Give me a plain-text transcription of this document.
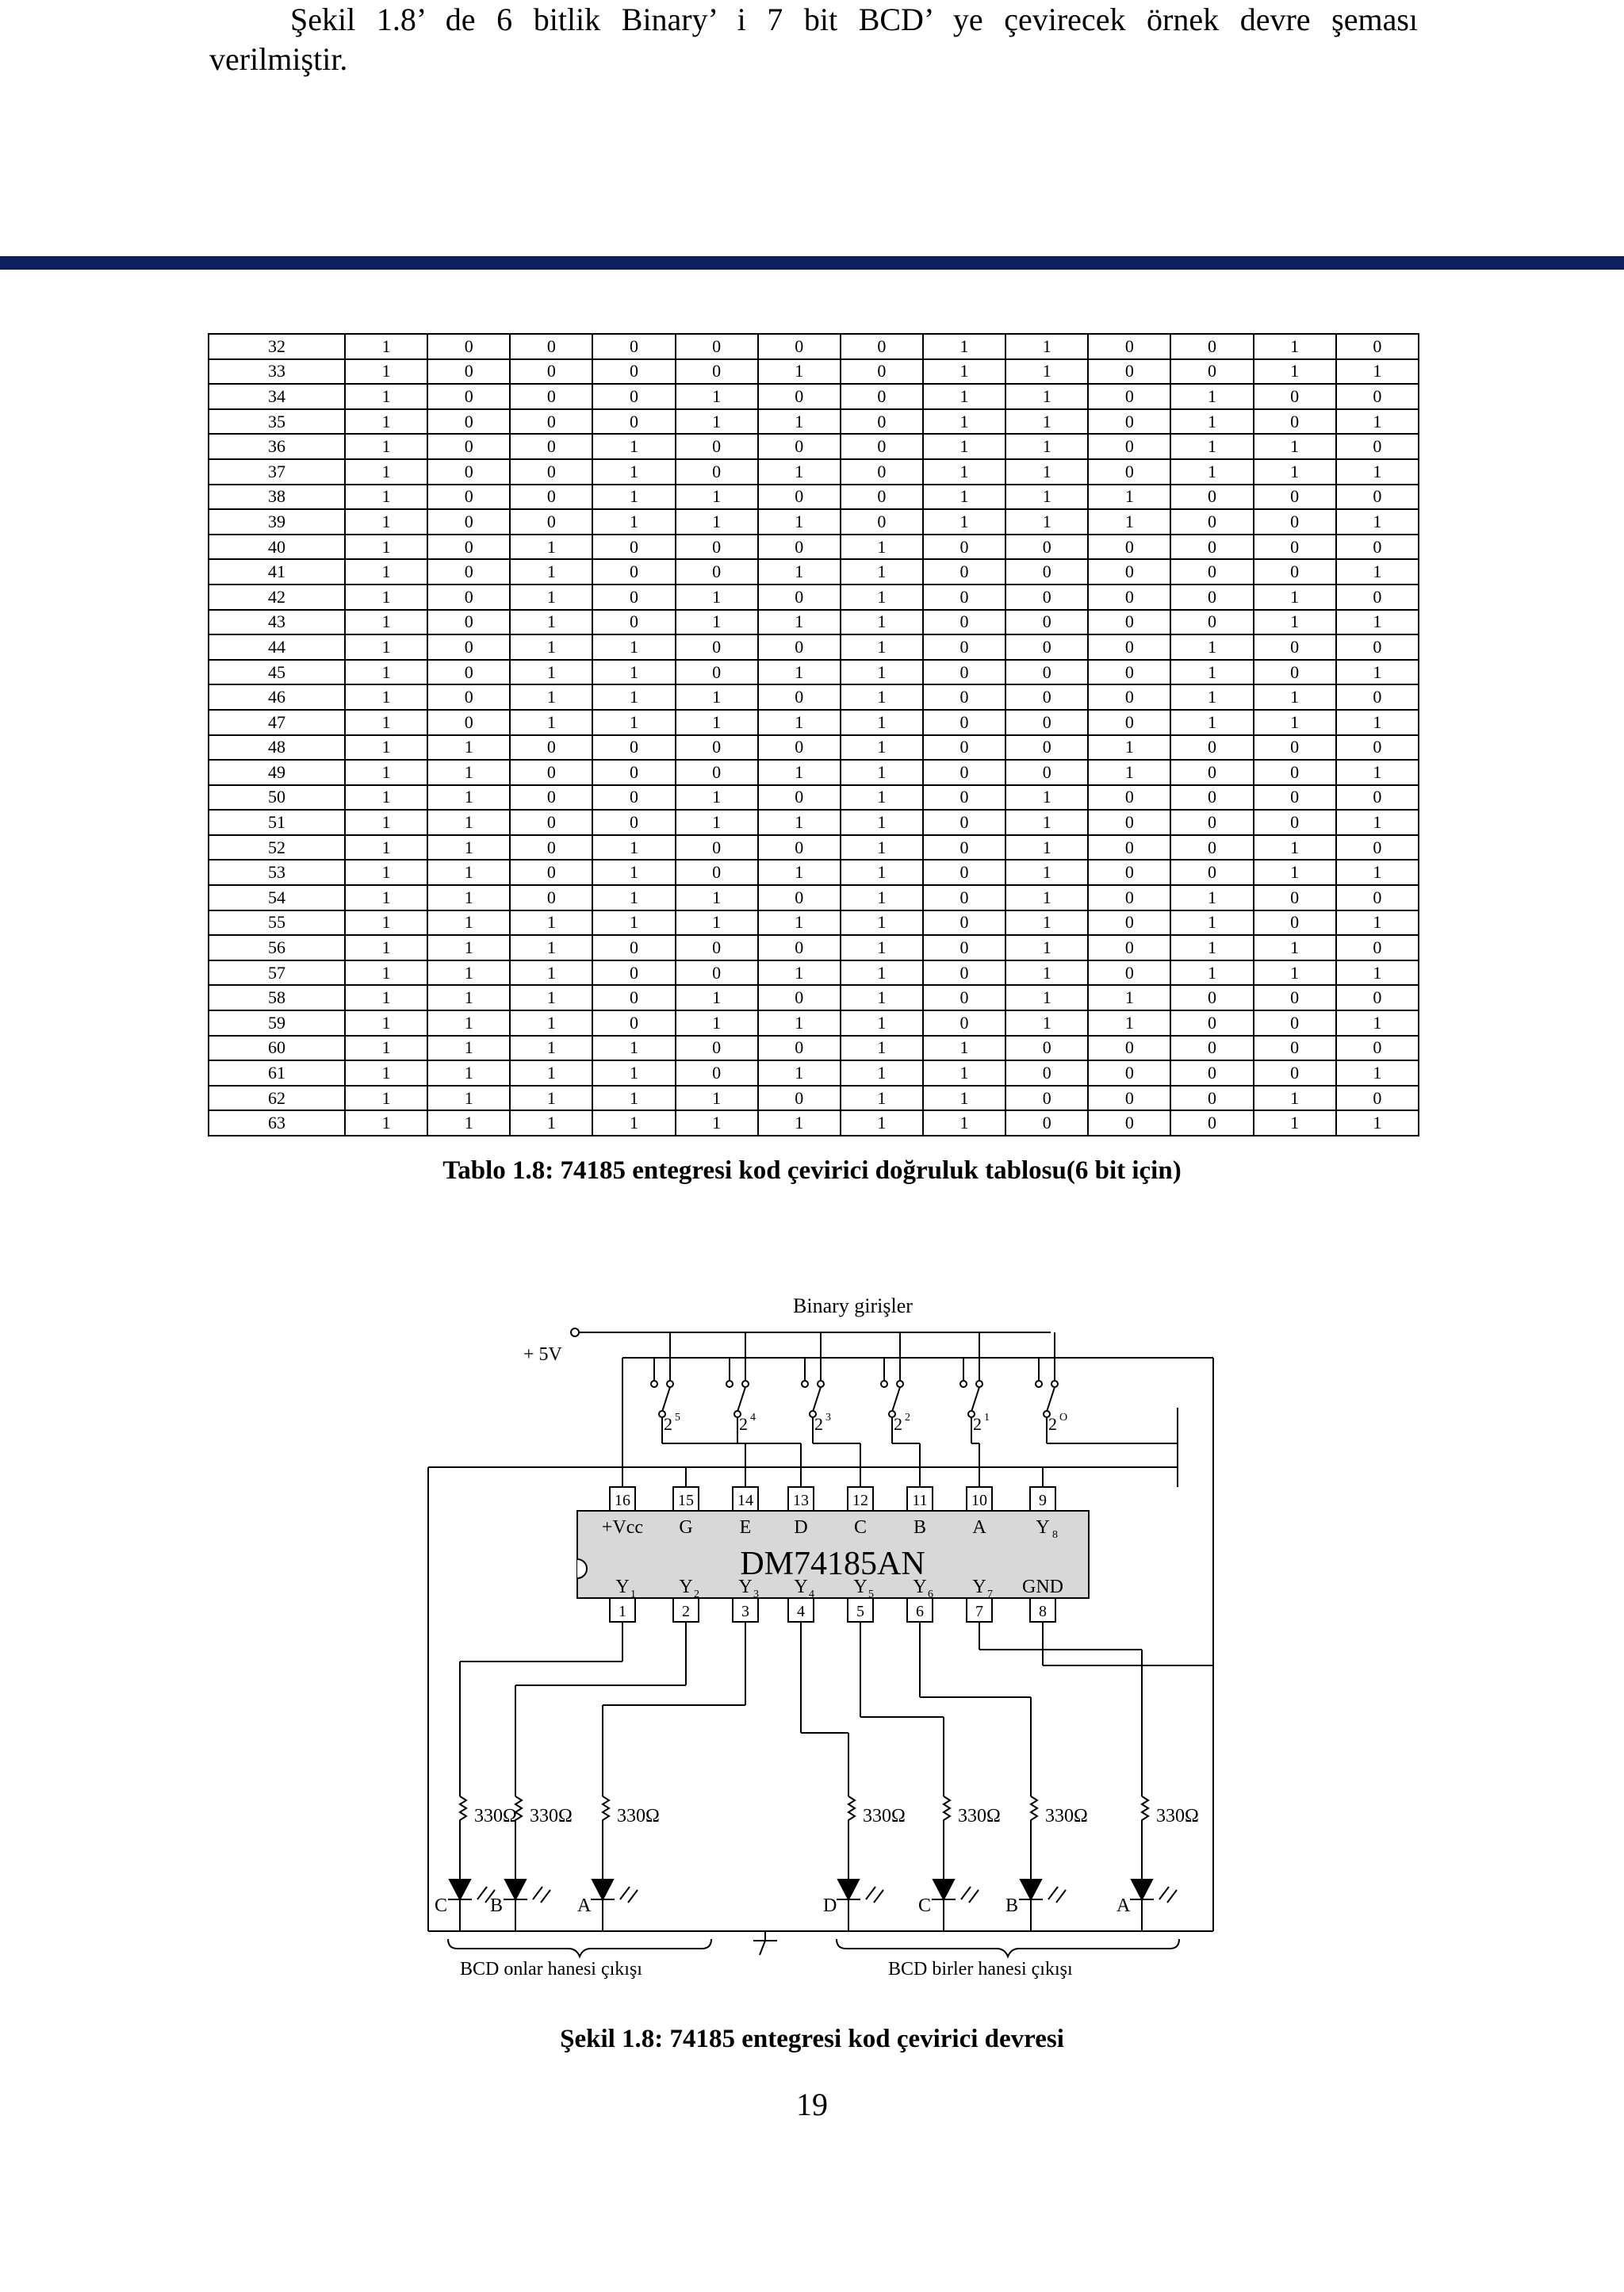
32	1	0	0	0	0	0	0	1	1	0	0	1	0
33	1	0	0	0	0	1	0	1	1	0	0	1	1
34	1	0	0	0	1	0	0	1	1	0	1	0	0
35	1	0	0	0	1	1	0	1	1	0	1	0	1
36	1	0	0	1	0	0	0	1	1	0	1	1	0
37	1	0	0	1	0	1	0	1	1	0	1	1	1
38	1	0	0	1	1	0	0	1	1	1	0	0	0
39	1	0	0	1	1	1	0	1	1	1	0	0	1
40	1	0	1	0	0	0	1	0	0	0	0	0	0
41	1	0	1	0	0	1	1	0	0	0	0	0	1
42	1	0	1	0	1	0	1	0	0	0	0	1	0
43	1	0	1	0	1	1	1	0	0	0	0	1	1
44	1	0	1	1	0	0	1	0	0	0	1	0	0
45	1	0	1	1	0	1	1	0	0	0	1	0	1
46	1	0	1	1	1	0	1	0	0	0	1	1	0
47	1	0	1	1	1	1	1	0	0	0	1	1	1
48	1	1	0	0	0	0	1	0	0	1	0	0	0
49	1	1	0	0	0	1	1	0	0	1	0	0	1
50	1	1	0	0	1	0	1	0	1	0	0	0	0
51	1	1	0	0	1	1	1	0	1	0	0	0	1
52	1	1	0	1	0	0	1	0	1	0	0	1	0
53	1	1	0	1	0	1	1	0	1	0	0	1	1
54	1	1	0	1	1	0	1	0	1	0	1	0	0
55	1	1	1	1	1	1	1	0	1	0	1	0	1
56	1	1	1	0	0	0	1	0	1	0	1	1	0
57	1	1	1	0	0	1	1	0	1	0	1	1	1
58	1	1	1	0	1	0	1	0	1	1	0	0	0
59	1	1	1	0	1	1	1	0	1	1	0	0	1
60	1	1	1	1	0	0	1	1	0	0	0	0	0
61	1	1	1	1	0	1	1	1	0	0	0	0	1
62	1	1	1	1	1	0	1	1	0	0	0	1	0
63	1	1	1	1	1	1	1	1	0	0	0	1	1
Tablo 1.8: 74185 entegresi kod çevirici doğruluk tablosu(6 bit için)
Şekil 1.8’ de 6 bitlik Binary’ i 7 bit BCD’ ye çevirecek örnek devre şeması
verilmiştir.
Binary girişler
+ 5V
DM74185AN
BCD onlar hanesi çıkışı	BCD birler hanesi çıkışı
2 5	2 4	2 3	2 2	2 1	2 O
16
+Vcc
Y 1
1
15
G
Y 2
2
14
E
Y 3
3
13
D
Y 4
4
12
C
Y 5
5
11
B
Y 6
6
10
A
Y 7
7
9
Y 8
GND
8
330Ω
C
330Ω
B
330Ω
A
330Ω
D
330Ω
C
330Ω
B
330Ω
A
Şekil 1.8: 74185 entegresi kod çevirici devresi
19
